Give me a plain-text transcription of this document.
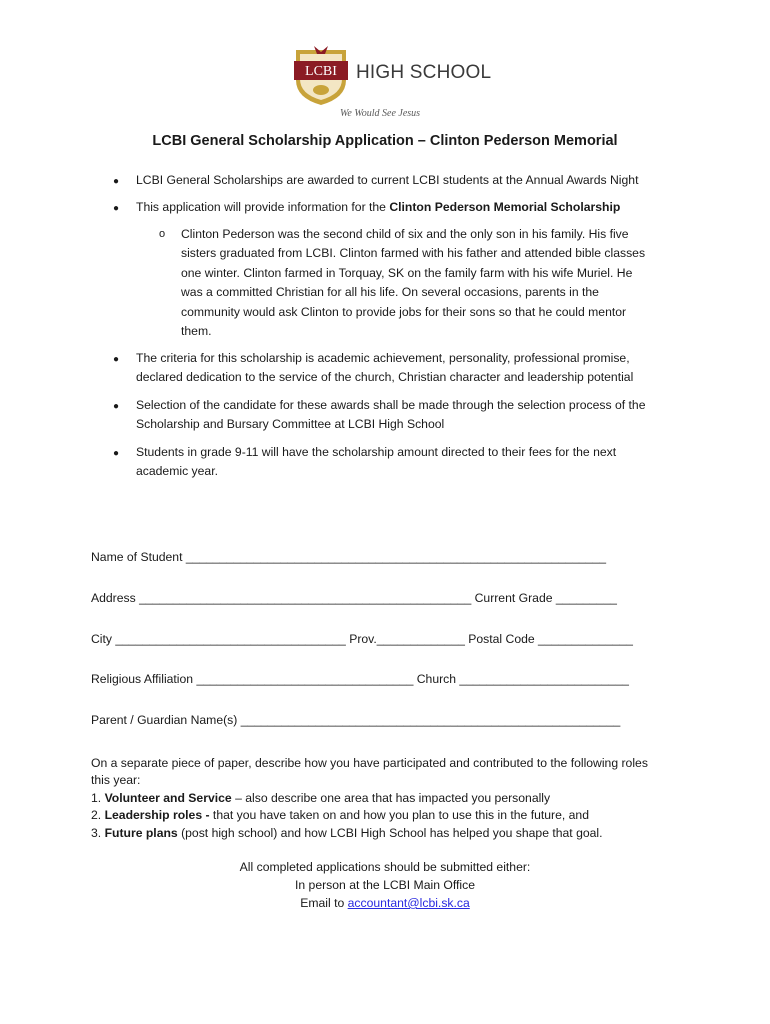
LCBI HIGH SCHOOL
We Would See Jesus
LCBI General Scholarship Application – Clinton Pederson Memorial
● LCBI General Scholarships are awarded to current LCBI students at the Annual Awards Night
● This application will provide information for the Clinton Pederson Memorial Scholarship
o Clinton Pederson was the second child of six and the only son in his family. His five
sisters graduated from LCBI. Clinton farmed with his father and attended bible classes
one winter. Clinton farmed in Torquay, SK on the family farm with his wife Muriel. He
was a committed Christian for all his life. On several occasions, parents in the
community would ask Clinton to provide jobs for their sons so that he could mentor
them.
● The criteria for this scholarship is academic achievement, personality, professional promise,
declared dedication to the service of the church, Christian character and leadership potential
● Selection of the candidate for these awards shall be made through the selection process of the
Scholarship and Bursary Committee at LCBI High School
● Students in grade 9-11 will have the scholarship amount directed to their fees for the next
academic year.
Name of Student ______________________________________________________________
Address _________________________________________________ Current Grade _________
City __________________________________ Prov._____________ Postal Code ______________
Religious Affiliation ________________________________ Church _________________________
Parent / Guardian Name(s) ________________________________________________________

On a separate piece of paper, describe how you have participated and contributed to the following roles

this year:

1. Volunteer and Service – also describe one area that has impacted you personally

2. Leadership roles - that you have taken on and how you plan to use this in the future, and

3. Future plans (post high school) and how LCBI High School has helped you shape that goal.

All completed applications should be submitted either:
In person at the LCBI Main Office
Email to accountant@lcbi.sk.ca
